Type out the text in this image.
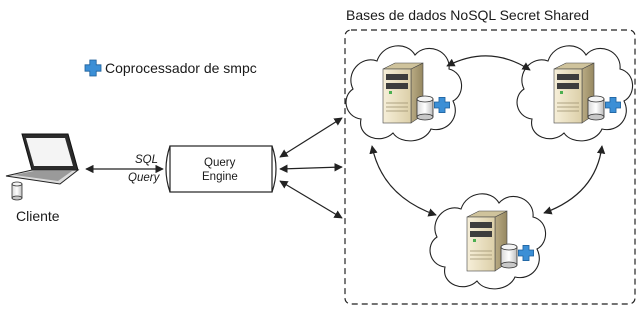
Bases de dados NoSQL Secret Shared
Coprocessador de smpc
Cliente
SQL
Query
Query
Engine
